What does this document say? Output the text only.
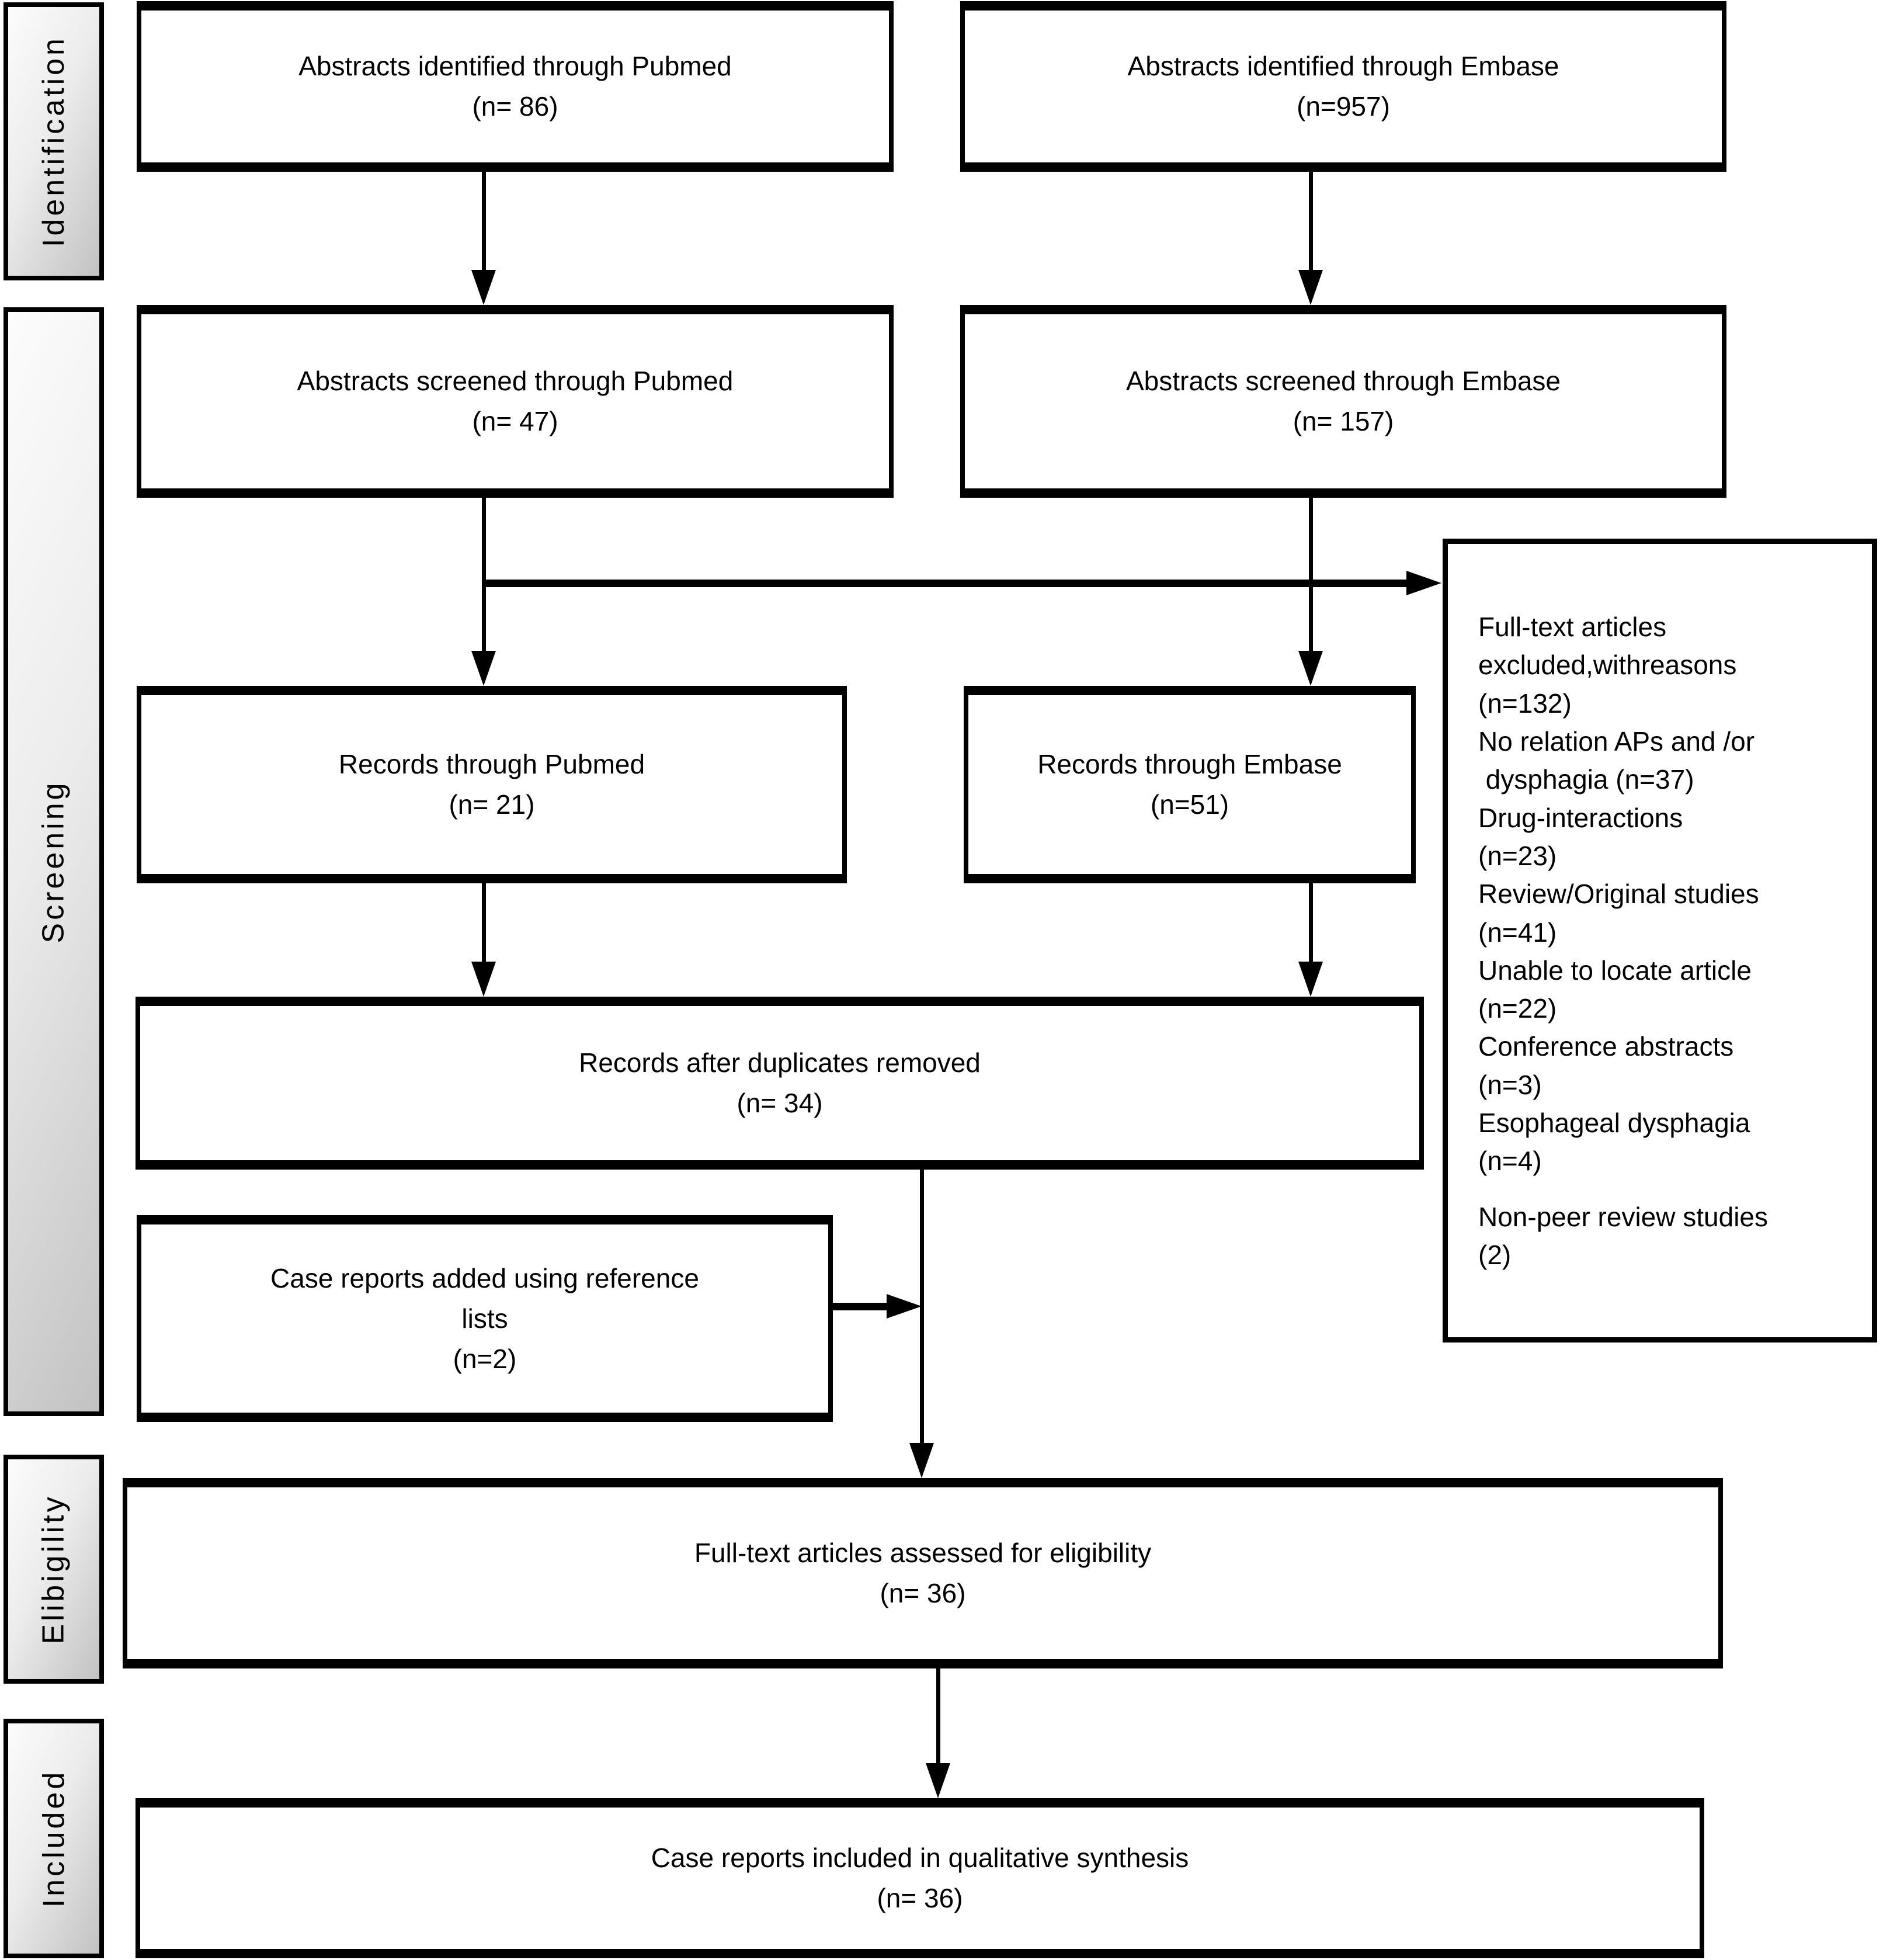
Identification
Screening
Elibigility
Included
Abstracts identified through Pubmed
(n= 86)
Abstracts identified through Embase
(n=957)
Abstracts screened through Pubmed
(n= 47)
Abstracts screened through Embase
(n= 157)
Records through Pubmed
(n= 21)
Records through Embase
(n=51)
Full-text articles
excluded,withreasons
(n=132)
No relation APs and /or
dysphagia (n=37)
Drug-interactions
(n=23)
Review/Original studies
(n=41)
Unable to locate article
(n=22)
Conference abstracts
(n=3)
Esophageal dysphagia
(n=4)
Non-peer review studies
(2)
Records after duplicates removed
(n= 34)
Case reports added using reference
lists
(n=2)
Full-text articles assessed for eligibility
(n= 36)
Case reports included in qualitative synthesis
(n= 36)
